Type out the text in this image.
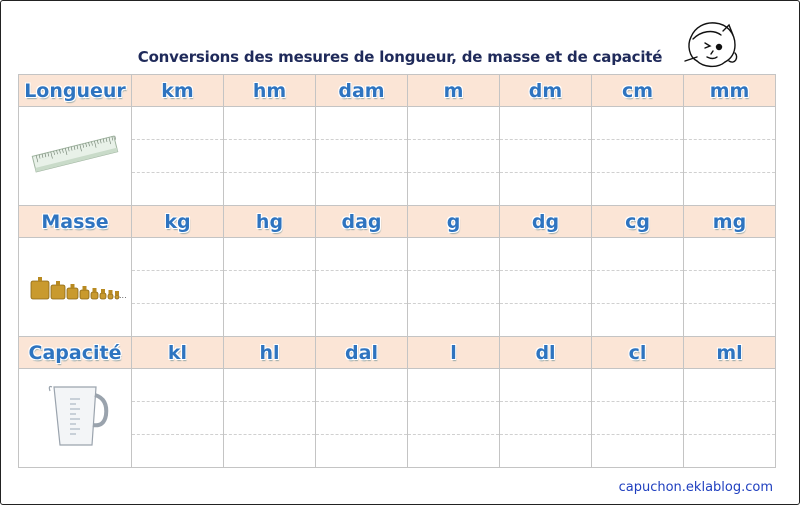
Conversions des mesures de longueur, de masse et de capacité
Longueur	km	hm	dam	m	dm	cm	mm

Masse	kg	hg	dag	g	dg	cg	mg

...							

Capacité	kl	hl	dal	l	dl	cl	ml

capuchon.eklablog.com
